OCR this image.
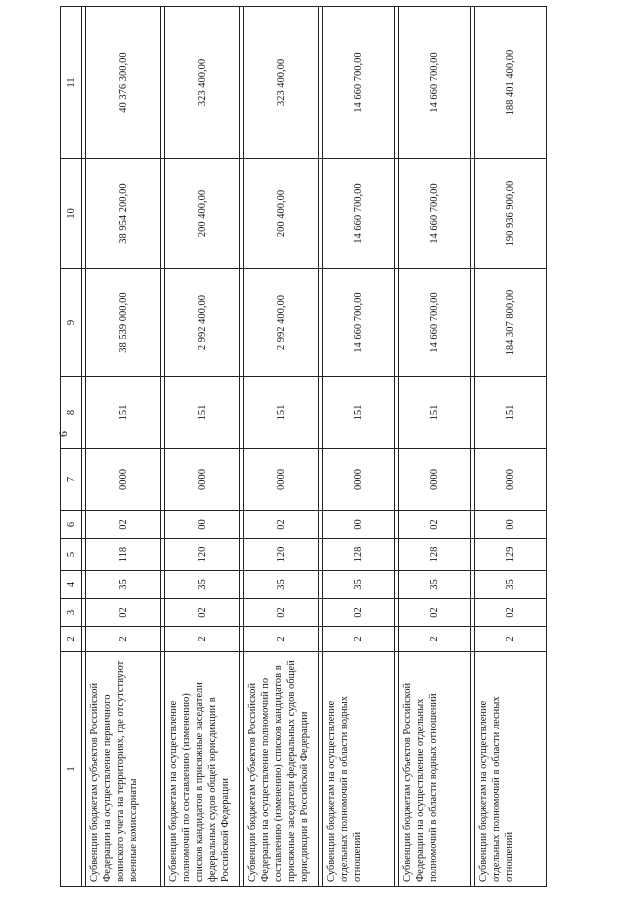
6
1	2	3	4	5	6	7	8	9	10	11

Субвенции бюджетам субъектов Российской Федерации на осуществление первичного воинского учета на территориях, где отсутствуют военные комиссариаты	2	02	35	118	02	0000	151	38 539 000,00	38 954 200,00	40 376 300,00

Субвенции бюджетам на осуществление полномочий по составлению (изменению) списков кандидатов в присяжные заседатели федеральных судов общей юрисдикции в Российской Федерации	2	02	35	120	00	0000	151	2 992 400,00	200 400,00	323 400,00

Субвенции бюджетам субъектов Российской Федерации на осуществление полномочий по составлению (изменению) списков кандидатов в присяжные заседатели федеральных судов общей юрисдикции в Российской Федерации	2	02	35	120	02	0000	151	2 992 400,00	200 400,00	323 400,00

Субвенции бюджетам на осуществление отдельных полномочий в области водных отношений	2	02	35	128	00	0000	151	14 660 700,00	14 660 700,00	14 660 700,00

Субвенции бюджетам субъектов Российской Федерации на осуществление отдельных полномочий в области водных отношений	2	02	35	128	02	0000	151	14 660 700,00	14 660 700,00	14 660 700,00

Субвенции бюджетам на осуществление отдельных полномочий в области лесных отношений	2	02	35	129	00	0000	151	184 307 800,00	190 936 900,00	188 401 400,00
